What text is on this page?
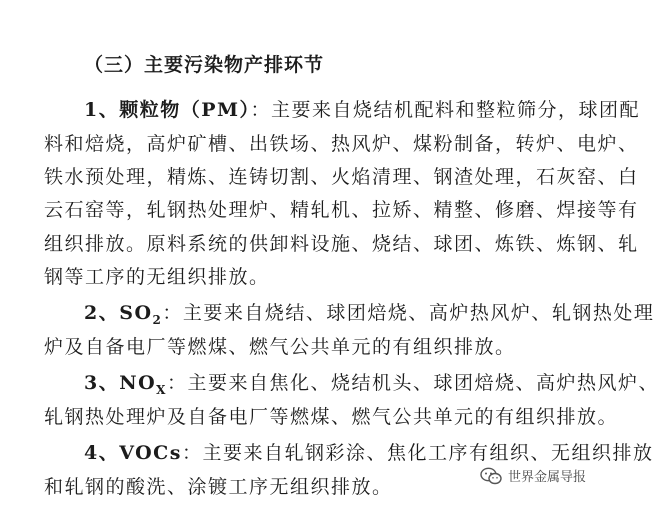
（三）主要污染物产排环节
1、颗粒物（PM）：主要来自烧结机配料和整粒筛分，球团配
料和焙烧，高炉矿槽、出铁场、热风炉、煤粉制备，转炉、电炉、
铁水预处理，精炼、连铸切割、火焰清理、钢渣处理，石灰窑、白
云石窑等，轧钢热处理炉、精轧机、拉矫、精整、修磨、焊接等有
组织排放。原料系统的供卸料设施、烧结、球团、炼铁、炼钢、轧
钢等工序的无组织排放。
2、$SO_2$：主要来自烧结、球团焙烧、高炉热风炉、轧钢热处理
炉及自备电厂等燃煤、燃气公共单元的有组织排放。
3、$NO_X$：主要来自焦化、烧结机头、球团焙烧、高炉热风炉、
轧钢热处理炉及自备电厂等燃煤、燃气公共单元的有组织排放。
4、VOCs：主要来自轧钢彩涂、焦化工序有组织、无组织排放
和轧钢的酸洗、涂镀工序无组织排放。	世界金属导报
